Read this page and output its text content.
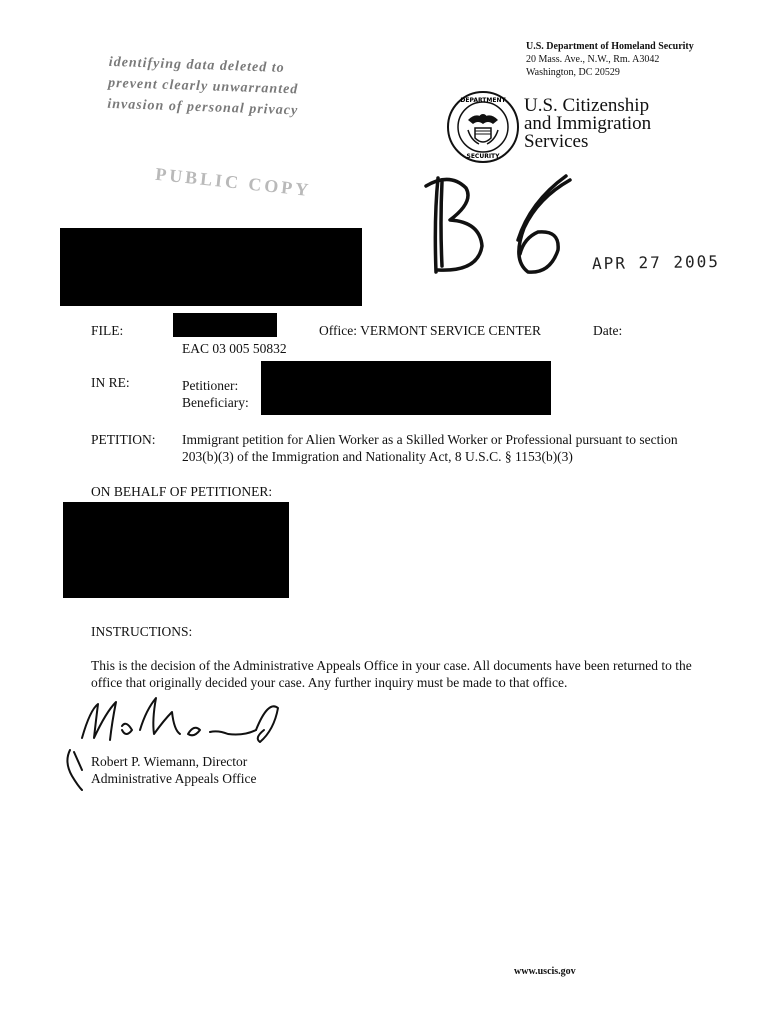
U.S. Department of Homeland Security
20 Mass. Ave., N.W., Rm. A3042
Washington, DC 20529
DEPARTMENT
SECURITY
U.S. Citizenship
and Immigration
Services
identifying data deleted to
prevent clearly unwarranted
invasion of personal privacy
PUBLIC COPY
APR 27 2005
FILE:
EAC 03 005 50832
Office: VERMONT SERVICE CENTER	Date:
IN RE:	Petitioner:
Beneficiary:
PETITION: Immigrant petition for Alien Worker as a Skilled Worker or Professional pursuant to section 203(b)(3) of the Immigration and Nationality Act, 8 U.S.C. § 1153(b)(3)
ON BEHALF OF PETITIONER:
INSTRUCTIONS:
This is the decision of the Administrative Appeals Office in your case. All documents have been returned to the office that originally decided your case. Any further inquiry must be made to that office.
Robert P. Wiemann, Director
Administrative Appeals Office
www.uscis.gov
